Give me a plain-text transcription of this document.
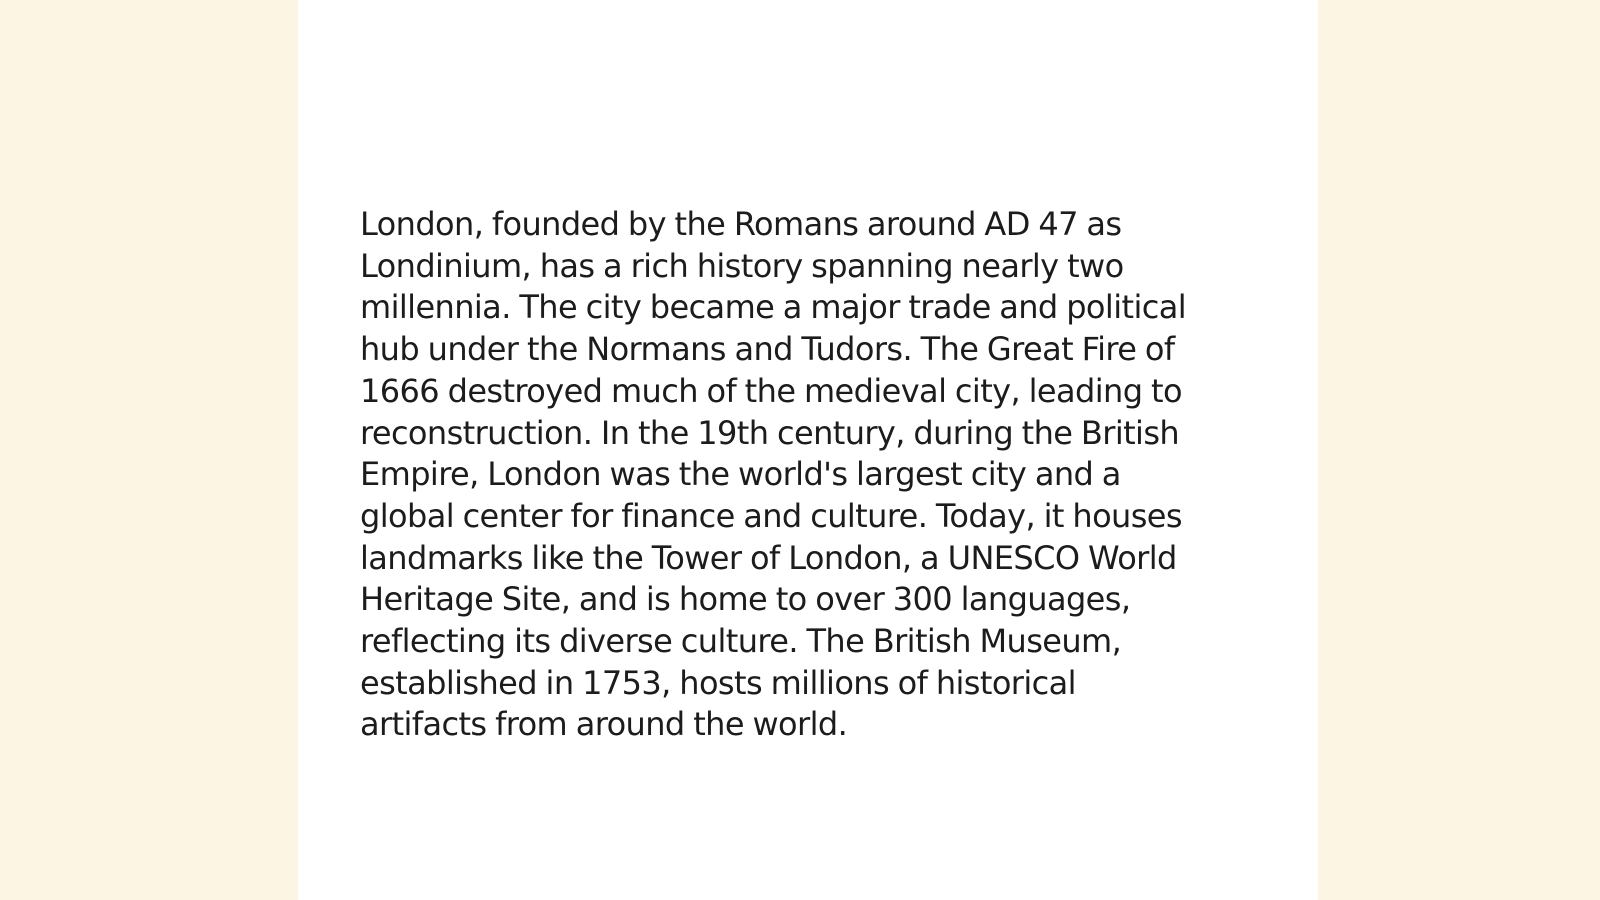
London, founded by the Romans around AD 47 as
Londinium, has a rich history spanning nearly two
millennia. The city became a major trade and political
hub under the Normans and Tudors. The Great Fire of
1666 destroyed much of the medieval city, leading to
reconstruction. In the 19th century, during the British
Empire, London was the world's largest city and a
global center for finance and culture. Today, it houses
landmarks like the Tower of London, a UNESCO World
Heritage Site, and is home to over 300 languages,
reflecting its diverse culture. The British Museum,
established in 1753, hosts millions of historical
artifacts from around the world.
